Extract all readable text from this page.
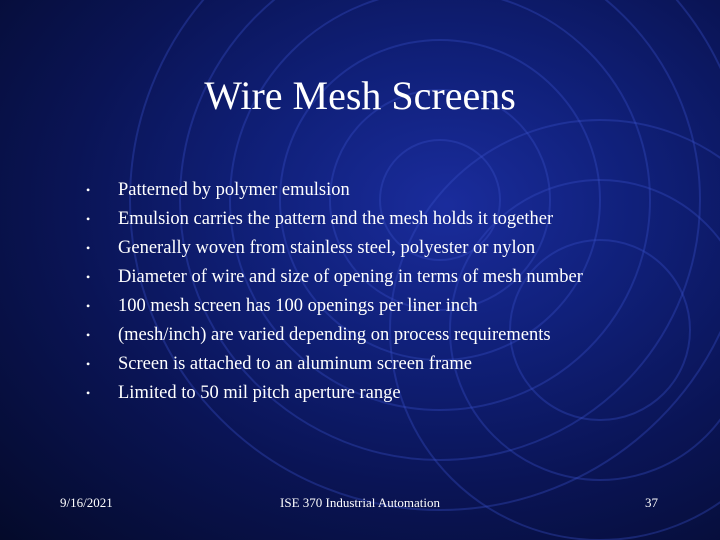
Wire Mesh Screens
• Patterned by polymer emulsion
• Emulsion carries the pattern and the mesh holds it together
• Generally woven from stainless steel, polyester or nylon
• Diameter of wire and size of opening in terms of mesh number
• 100 mesh screen has 100 openings per liner inch
• (mesh/inch) are varied depending on process requirements
• Screen is attached to an aluminum screen frame
• Limited to 50 mil pitch aperture range
9/16/2021	ISE 370 Industrial Automation	37
